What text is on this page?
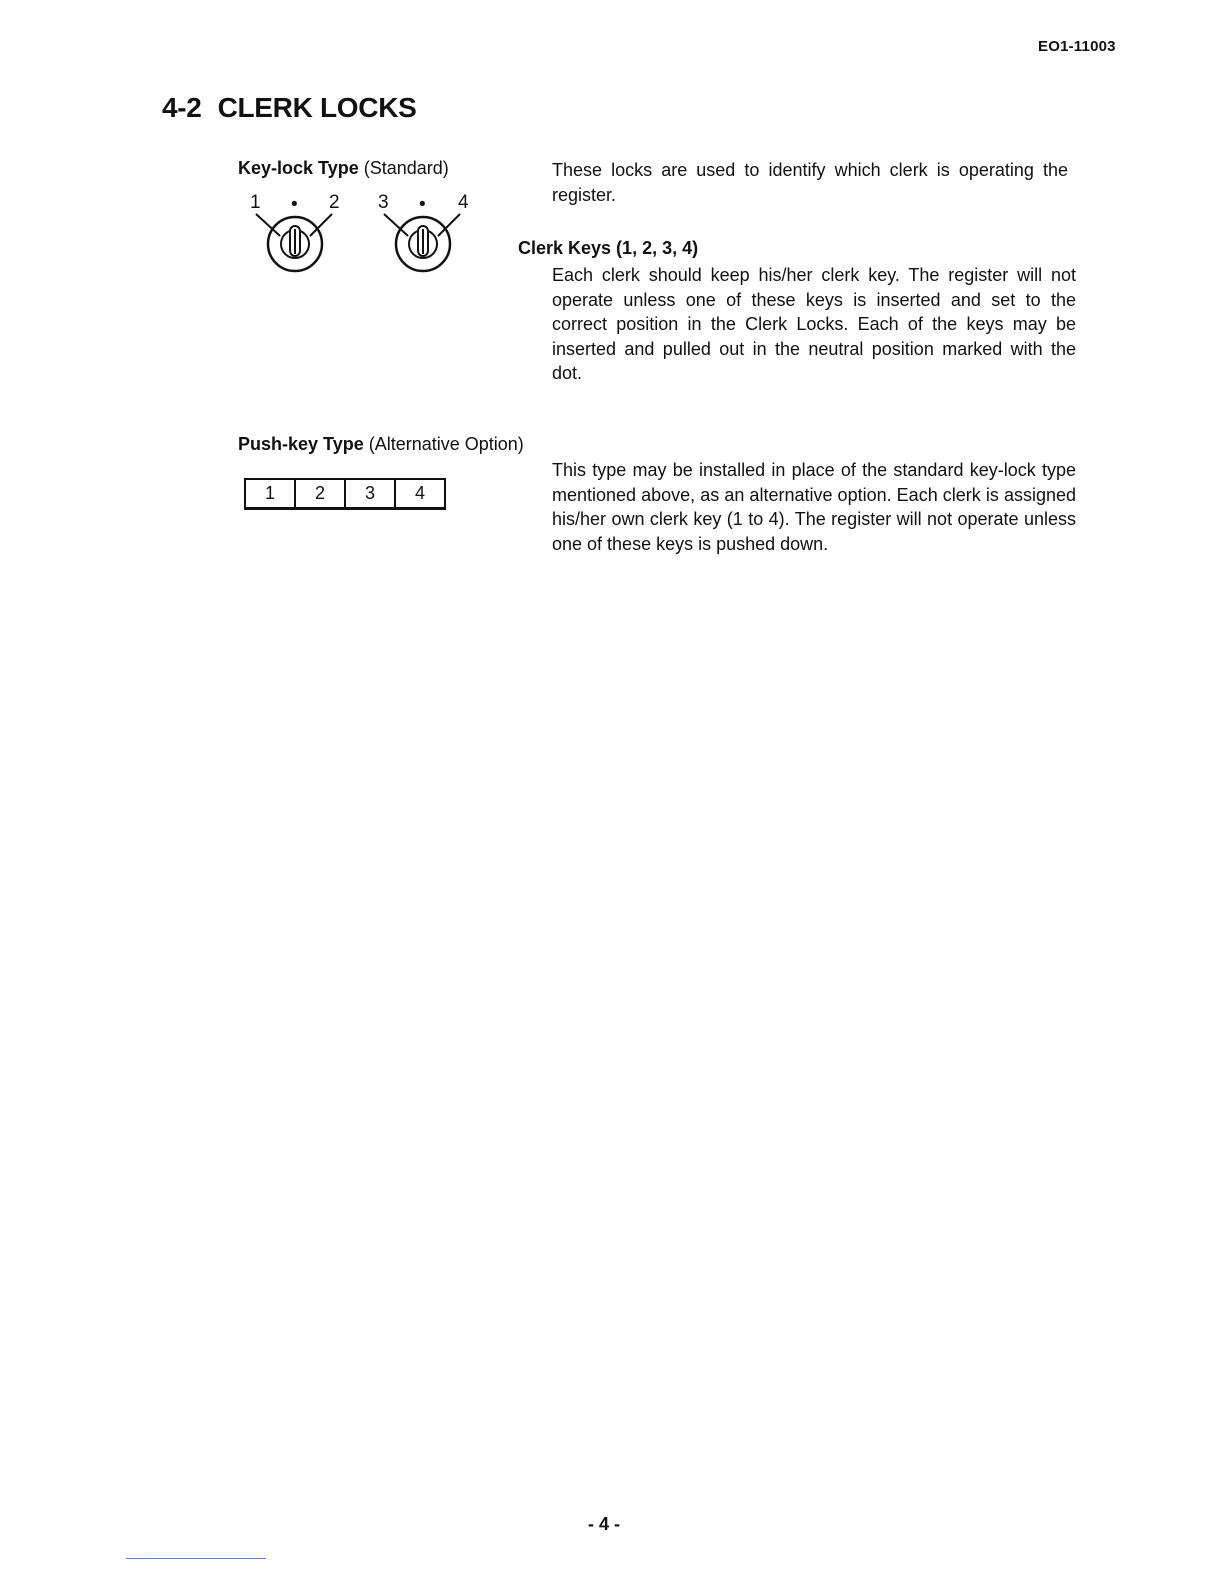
EO1-11003
4-2 CLERK LOCKS
Key-lock Type (Standard)
1 • 2 3 • 4

These locks are used to identify which clerk is operating the register.

Clerk Keys (1, 2, 3, 4)

Each clerk should keep his/her clerk key. The register will not operate unless one of these keys is inserted and set to the correct position in the Clerk Locks. Each of the keys may be inserted and pulled out in the neutral position marked with the dot.

Push-key Type (Alternative Option)
1	2	3	4

This type may be installed in place of the standard key-lock type mentioned above, as an alternative option. Each clerk is assigned his/her own clerk key (1 to 4). The register will not operate unless one of these keys is pushed down.

- 4 -
